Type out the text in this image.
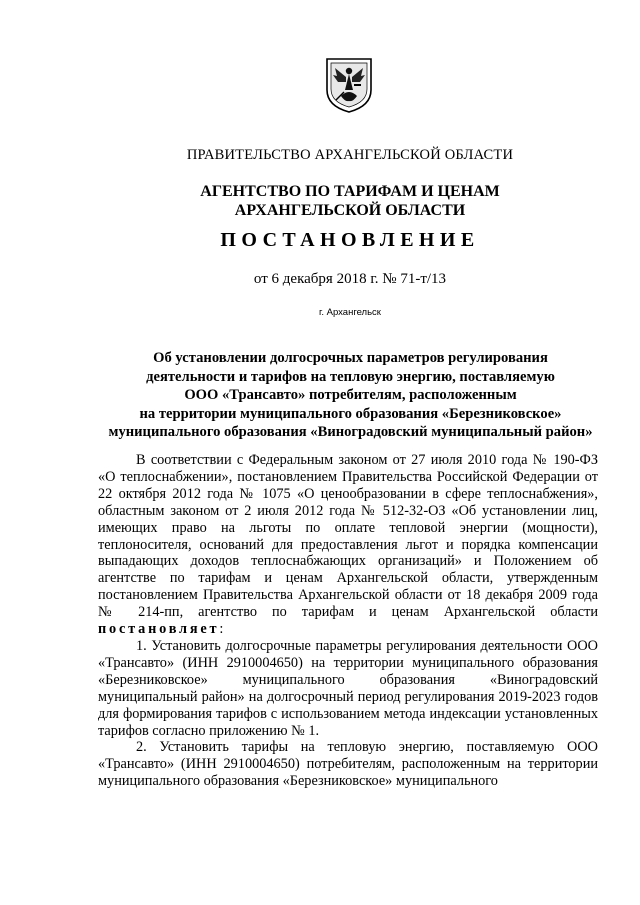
ПРАВИТЕЛЬСТВО АРХАНГЕЛЬСКОЙ ОБЛАСТИ
АГЕНТСТВО ПО ТАРИФАМ И ЦЕНАМ
АРХАНГЕЛЬСКОЙ ОБЛАСТИ
ПОСТАНОВЛЕНИЕ
от 6 декабря 2018 г. № 71-т/13
г. Архангельск
Об установлении долгосрочных параметров регулирования
деятельности и тарифов на тепловую энергию, поставляемую
ООО «Трансавто» потребителям, расположенным
на территории муниципального образования «Березниковское»
муниципального образования «Виноградовский муниципальный район»

В соответствии с Федеральным законом от 27 июля 2010 года № 190-ФЗ «О теплоснабжении», постановлением Правительства Российской Федерации от 22 октября 2012 года № 1075 «О ценообразовании в сфере теплоснабжения», областным законом от 2 июля 2012 года № 512-32-ОЗ «Об установлении лиц, имеющих право на льготы по оплате тепловой энергии (мощности), теплоносителя, оснований для предоставления льгот и порядка компенсации выпадающих доходов теплоснабжающих организаций» и Положением об агентстве по тарифам и ценам Архангельской области, утвержденным постановлением Правительства Архангельской области от 18 декабря 2009 года № 214-пп, агентство по тарифам и ценам Архангельской области постановляет:

1. Установить долгосрочные параметры регулирования деятельности ООО «Трансавто» (ИНН 2910004650) на территории муниципального образования «Березниковское» муниципального образования «Виноградовский муниципальный район» на долгосрочный период регулирования 2019-2023 годов для формирования тарифов с использованием метода индексации установленных тарифов согласно приложению № 1.

2. Установить тарифы на тепловую энергию, поставляемую ООО «Трансавто» (ИНН 2910004650) потребителям, расположенным на территории муниципального образования «Березниковское» муниципального
